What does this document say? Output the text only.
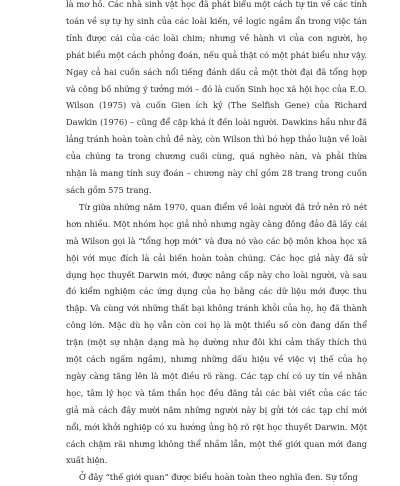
là mơ hồ. Các nhà sinh vật học đã phát biểu một cách tự tin về các tính toán về sự tự hy sinh của các loài kiến, về logic ngầm ẩn trong việc tán tỉnh được cái của các loài chim; nhưng về hành vi của con người, họ phát biểu một cách phỏng đoán, nếu quả thật có một phát biểu như vậy. Ngay cả hai cuốn sách nổi tiếng đánh dấu cả một thời đại đã tổng hợp và công bố những ý tưởng mới – đó là cuốn Sinh học xã hội học của E.O. Wilson (1975) và cuốn Gien ích kỷ (The Selfish Gene) của Richard Dawkin (1976) – cũng để cập khá ít đến loài người. Dawkins hầu như đã lảng tránh hoàn toàn chủ đề này, còn Wilson thì bó hẹp thảo luận về loài của chúng ta trong chương cuối cùng, quá nghèo nàn, và phải thừa nhận là mang tính suy đoán – chương này chỉ gồm 28 trang trong cuốn sách gồm 575 trang.

Từ giữa những năm 1970, quan điểm về loài người đã trở nên rõ nét hơn nhiều. Một nhóm học giả nhỏ nhưng ngày càng đông đảo đã lấy cái mà Wilson gọi là “tổng hợp mới” và đưa nó vào các bộ môn khoa học xã hội với mục đích là cải biến hoàn toàn chúng. Các học giả này đã sử dụng học thuyết Darwin mới, được nâng cấp này cho loài người, và sau đó kiểm nghiệm các ứng dụng của họ bằng các dữ liệu mới được thu thập. Và cùng với những thất bại không tránh khỏi của họ, họ đã thành công lớn. Mặc dù họ vẫn còn coi họ là một thiểu số còn đang dấn thể trận (một sự nhận dạng mà họ dường như đôi khi cảm thấy thích thú một cách ngấm ngầm), nhưng những dấu hiệu về việc vị thế của họ ngày càng tăng lên là một điều rõ ràng. Các tạp chí có uy tín về nhân học, tâm lý học và tâm thần học đều đăng tải các bài viết của các tác giả mà cách đây mười năm những người này bị gửi tới các tạp chí mới nổi, mới khởi nghiệp có xu hướng ủng hộ rõ rệt học thuyết Darwin. Một cách chậm rãi nhưng không thể nhầm lẫn, một thế giới quan mới đang xuất hiện.

Ở đây “thế giới quan” được biểu hoàn toàn theo nghĩa đen. Sự tổng
